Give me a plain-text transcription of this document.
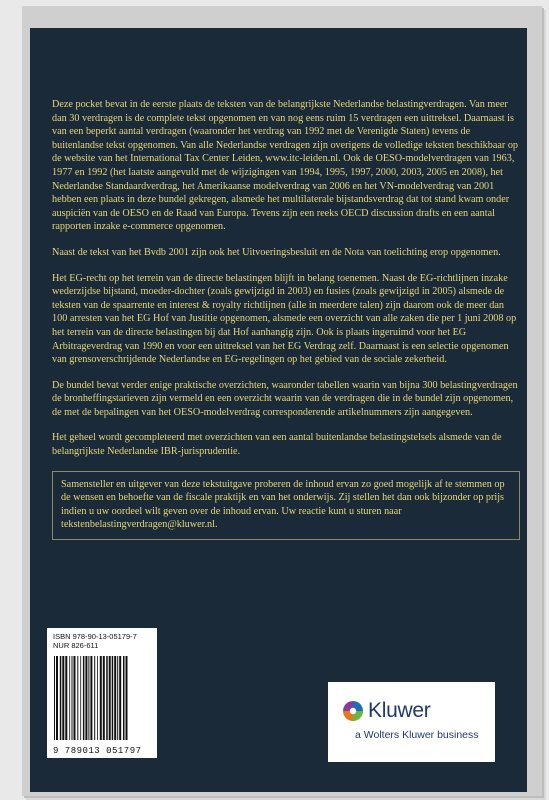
Deze pocket bevat in de eerste plaats de teksten van de belangrijkste Nederlandse belastingverdragen. Van meer dan 30 verdragen is de complete tekst opgenomen en van nog eens ruim 15 verdragen een uittreksel. Daarnaast is van een beperkt aantal verdragen (waaronder het verdrag van 1992 met de Verenigde Staten) tevens de buitenlandse tekst opgenomen. Van alle Nederlandse verdragen zijn overigens de volledige teksten beschikbaar op de website van het International Tax Center Leiden, www.itc-leiden.nl. Ook de OESO-modelverdragen van 1963, 1977 en 1992 (het laatste aangevuld met de wijzigingen van 1994, 1995, 1997, 2000, 2003, 2005 en 2008), het Nederlandse Standaardverdrag, het Amerikaanse modelverdrag van 2006 en het VN-modelverdrag van 2001 hebben een plaats in deze bundel gekregen, alsmede het multilaterale bijstandsverdrag dat tot stand kwam onder auspiciën van de OESO en de Raad van Europa. Tevens zijn een reeks OECD discussion drafts en een aantal rapporten inzake e-commerce opgenomen.

Naast de tekst van het Bvdb 2001 zijn ook het Uitvoeringsbesluit en de Nota van toelichting erop opgenomen.

Het EG-recht op het terrein van de directe belastingen blijft in belang toenemen. Naast de EG-richtlijnen inzake wederzijdse bijstand, moeder-dochter (zoals gewijzigd in 2003) en fusies (zoals gewijzigd in 2005) alsmede de teksten van de spaarrente en interest & royalty richtlijnen (alle in meerdere talen) zijn daarom ook de meer dan 100 arresten van het EG Hof van Justitie opgenomen, alsmede een overzicht van alle zaken die per 1 juni 2008 op het terrein van de directe belastingen bij dat Hof aanhangig zijn. Ook is plaats ingeruimd voor het EG Arbitrageverdrag van 1990 en voor een uittreksel van het EG Verdrag zelf. Daarnaast is een selectie opgenomen van grensoverschrijdende Nederlandse en EG-regelingen op het gebied van de sociale zekerheid.

De bundel bevat verder enige praktische overzichten, waaronder tabellen waarin van bijna 300 belastingverdragen de bronheffingstarieven zijn vermeld en een overzicht waarin van de verdragen die in de bundel zijn opgenomen, de met de bepalingen van het OESO-modelverdrag corresponderende artikelnummers zijn aangegeven.

Het geheel wordt gecompleteerd met overzichten van een aantal buitenlandse belastingstelsels alsmede van de belangrijkste Nederlandse IBR-jurisprudentie.

Samensteller en uitgever van deze tekstuitgave proberen de inhoud ervan zo goed mogelijk af te stemmen op de wensen en behoefte van de fiscale praktijk en van het onderwijs. Zij stellen het dan ook bijzonder op prijs indien u uw oordeel wilt geven over de inhoud ervan. Uw reactie kunt u sturen naar tekstenbelastingverdragen@kluwer.nl.
ISBN 978-90-13-05179-7
NUR 826-611
9 789013 051797
Kluwer
a Wolters Kluwer business
